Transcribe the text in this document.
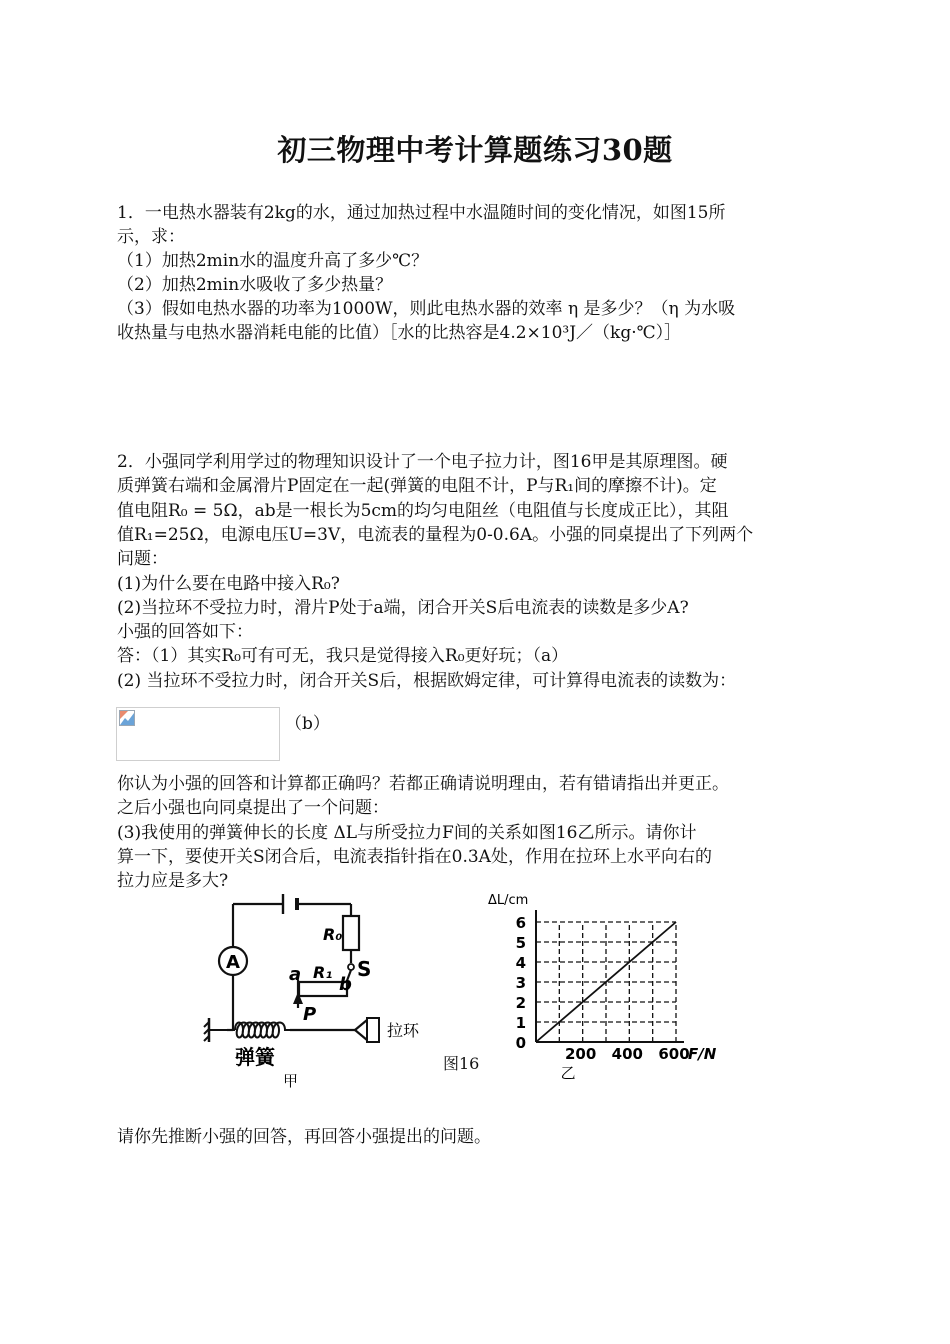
初三物理中考计算题练习30题
1．一电热水器装有2kg的水，通过加热过程中水温随时间的变化情况，如图15所
示，求：
（1）加热2min水的温度升高了多少℃？
（2）加热2min水吸收了多少热量？
（3）假如电热水器的功率为1000W，则此电热水器的效率 η 是多少？（η 为水吸
收热量与电热水器消耗电能的比值）［水的比热容是4.2×10³J／（kg·℃）］
2．小强同学利用学过的物理知识设计了一个电子拉力计，图16甲是其原理图。硬
质弹簧右端和金属滑片P固定在一起(弹簧的电阻不计，P与R₁间的摩擦不计)。定
值电阻R₀ = 5Ω，ab是一根长为5cm的均匀电阻丝（电阻值与长度成正比），其阻
值R₁=25Ω，电源电压U=3V，电流表的量程为0-0.6A。小强的同桌提出了下列两个
问题：
(1)为什么要在电路中接入R₀?
(2)当拉环不受拉力时，滑片P处于a端，闭合开关S后电流表的读数是多少A?
小强的回答如下：
答：（1）其实R₀可有可无，我只是觉得接入R₀更好玩；（a）
(2) 当拉环不受拉力时，闭合开关S后，根据欧姆定律，可计算得电流表的读数为：
（b）
你认为小强的回答和计算都正确吗？若都正确请说明理由，若有错请指出并更正。
之后小强也向同桌提出了一个问题：
(3)我使用的弹簧伸长的长度 ΔL与所受拉力F间的关系如图16乙所示。请你计
算一下，要使开关S闭合后，电流表指针指在0.3A处，作用在拉环上水平向右的
拉力应是多大?
请你先推断小强的回答，再回答小强提出的问题。
A
R₀
S
R₁
a b
P
拉环
弹簧
甲
图16
0
1
2
3
4
5
6
200 400 600
ΔL/cm
F/N
乙
